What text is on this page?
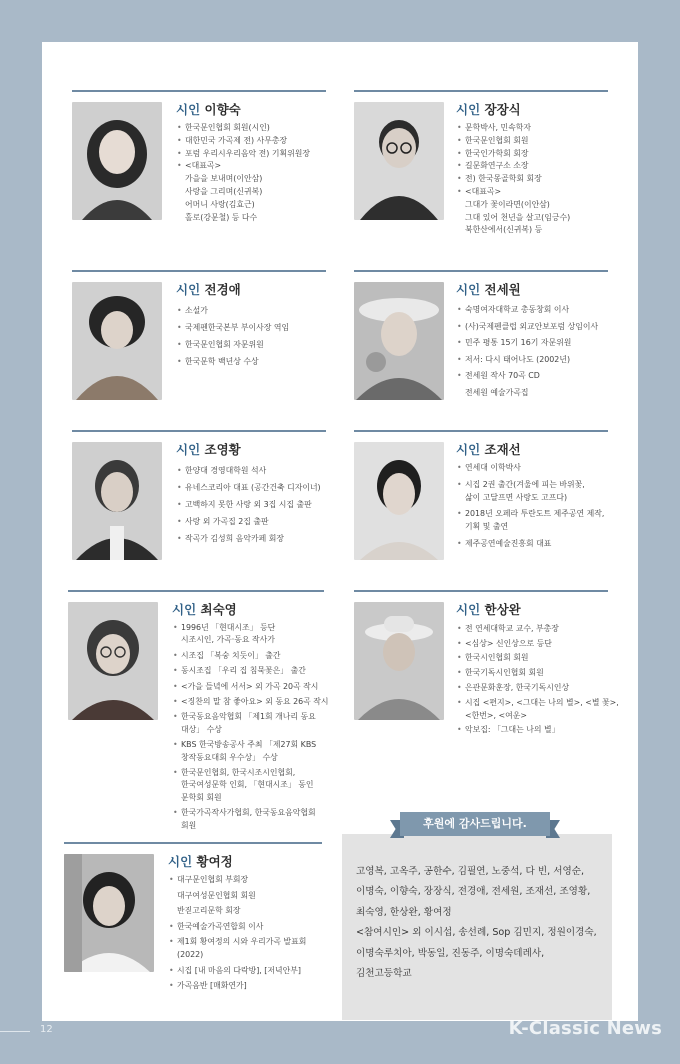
시인 이향숙
• 한국문인협회 회원(시인)
• 대한민국 가곡제 전) 사무총장
• 포럼 우리시우리음악 전) 기획위원장
• <대표곡>
가을을 보내며(이안삼)
사랑을 그리며(신귀복)
어머니 사랑(김효근)
홀로(강문철) 등 다수
시인 장장식
• 문학박사, 민속학자
• 한국문인협회 회원
• 한국인가학회 회장
• 길문화연구소 소장
• 전) 한국몽골학회 회장
• <대표곡>
그대가 꽃이라면(이안삼)
그대 있어 천년을 살고(임긍수)
북한산에서(신귀복) 등
시인 전경애
• 소설가
• 국제펜한국본부 부이사장 역임
• 한국문인협회 자문위원
• 한국문학 백년상 수상
시인 전세원
• 숙명여자대학교 총동창회 이사
• (사)국제펜클럽 외교안보포럼 상임이사
• 민주 평통 15기 16기 자문위원
• 저서: 다시 태어나도 (2002년)
• 전세원 작사 70곡 CD
전세원 예술가곡집
시인 조영황
• 한양대 경영대학원 석사
• 유네스코리아 대표 (공간건축 디자이너)
• 고백하지 못한 사랑 외 3집 시집 출판
• 사랑 외 가곡집 2집 출판
• 작곡가 김성희 음악카페 회장
시인 조재선
• 연세대 이학박사
• 시집 2권 출간(겨울에 피는 바위꽃,
삶이 고달프면 사랑도 고프다)
• 2018년 오페라 투란도트 제주공연 제작,
기획 및 출연
• 제주공연예술진흥회 대표
시인 최숙영
• 1996년 「현대시조」 등단
시조시인, 가곡·동요 작사가
• 시조집 「복숭 치듯이」 출간
• 동시조집 「우리 집 침묵꽃은」 출간
• <가을 들녘에 서서> 외 가곡 20곡 작시
• <징찬의 말 참 좋아요> 외 동요 26곡 작시
• 한국동요음악협회 「제1회 개나리 동요
대상」 수상
• KBS 한국방송공사 주최 「제27회 KBS
창작동요대회 우수상」 수상
• 한국문인협회, 한국시조시인협회,
한국여성문학 인회, 「현대시조」 동인
문학회 회원
• 한국가곡작사가협회, 한국동요음악협회
회원
시인 한상완
• 전 연세대학교 교수, 부총장
• <심상> 신인상으로 등단
• 한국시인협회 회원
• 한국기독시인협회 회원
• 은관문화훈장, 한국기독시인상
• 시집 <편지>, <그대는 나의 별>, <별 꽃>,
<한번>, <여운>
• 악보집: 「그대는 나의 별」
시인 황여정
• 대구문인협회 부회장
대구여성문인협회 회원
반짇고리문학 회장
• 한국예술가곡연합회 이사
• 제1회 황여정의 시와 우리가곡 발표회
(2022)
• 시집 [내 마음의 다락방], [저녁안부]
• 가곡음반 [매화연가]
후원에 감사드립니다.
고영복, 고옥주, 공한수, 김필연, 노중석, 다 빈, 서영순,
이명숙, 이향숙, 장장식, 전경애, 전세원, 조재선, 조영황,
최숙영, 한상완, 황여정
<참여시인> 외 이시섭, 송선례, Sop 김민지, 정원이경숙,
이명숙루치아, 박동일, 진동주, 이명숙데레사,
김천고등학교
12	K-Classic News
